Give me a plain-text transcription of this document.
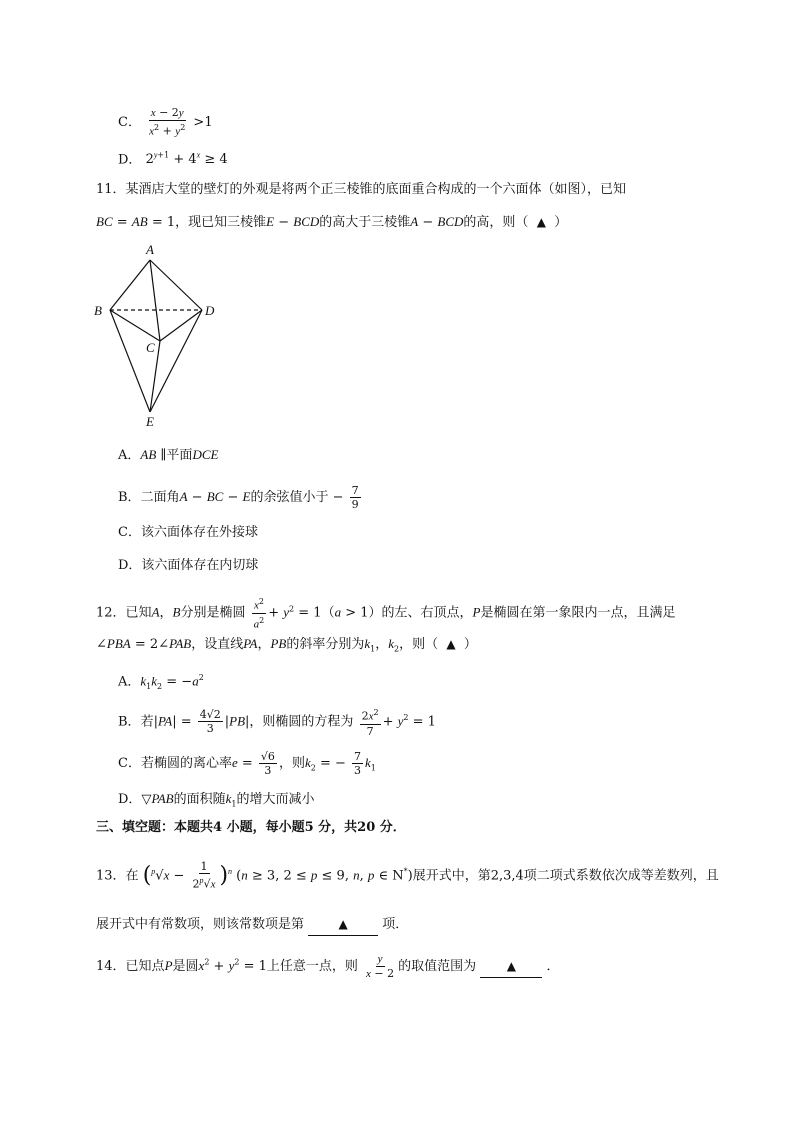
C． $\frac{x - 2y}{x^2 + y^2} >1$
D． $2^{y+1} + 4^x \ge 4$
11．某酒店大堂的壁灯的外观是将两个正三棱锥的底面重合构成的一个六面体（如图），已知
BC = AB = 1，现已知三棱锥E − BCD的高大于三棱锥A − BCD的高，则（ ▲ ）
A
B
C
D
E
A．AB ∥平面DCE
B．二面角A − BC − E的余弦值小于 − $\frac{7}{9}$
C．该六面体存在外接球
D．该六面体存在内切球
12．已知A，B分别是椭圆 $\frac{x^2}{a^2} + y^2 = 1(a > 1)$的左、右顶点，P是椭圆在第一象限内一点，且满足
∠PBA = 2∠PAB，设直线PA，PB的斜率分别为$k_1$，$k_2$，则（ ▲ ）
A．$k_1k_2 = -a^2$
B．若$|PA| = \frac{4√2}{3} |PB|$，则椭圆的方程为 $\frac{2x^2}{7} + y^2 = 1$
C．若椭圆的离心率$e = \frac{√6}{3}$ ，则$k_2$ = − $\frac{7}{3} k_1$
D．▽PAB的面积随$k_1$的增大而减小
三、填空题：本题共4 小题，每小题5 分，共20 分．
13．在 $(^p√x - \frac{1}{2^p√x} )^n$ (n ≥ 3, 2 ≤ p ≤ 9, n, p ∈ N*)展开式中，第2,3,4项二项式系数依次成等差数列，且
展开式中有常数项，则该常数项是第	▲	项．
14．已知点P是圆$x^2 + y^2 = 1$上任意一点，则 $\frac{y}{x - 2}$ 的取值范围为	▲ ．
